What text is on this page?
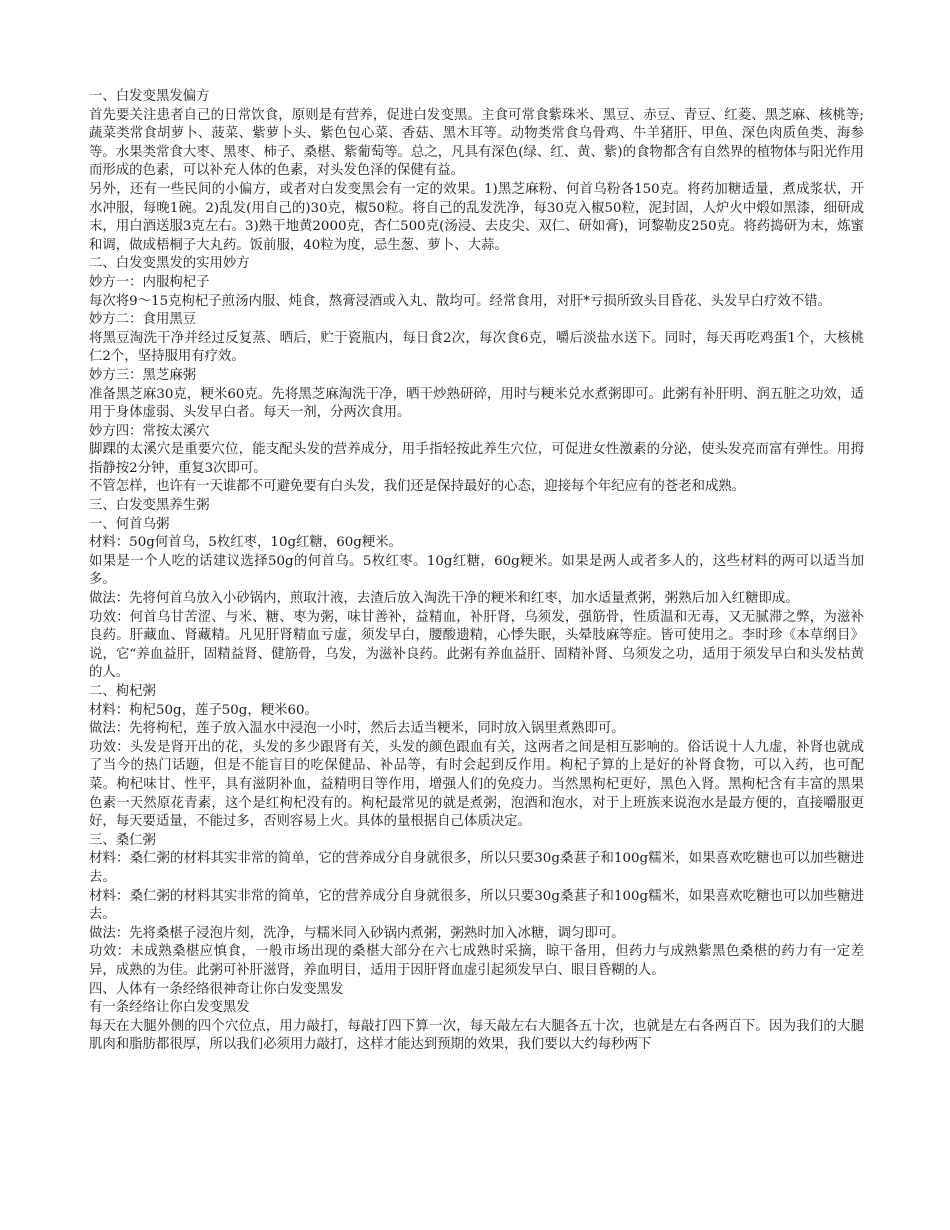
一、白发变黑发偏方

首先要关注患者自己的日常饮食，原则是有营养，促进白发变黑。主食可常食紫珠米、黑豆、赤豆、青豆、红菱、黑芝麻、核桃等;蔬菜类常食胡萝卜、菠菜、紫萝卜头、紫色包心菜、香菇、黑木耳等。动物类常食乌骨鸡、牛羊猪肝、甲鱼、深色肉质鱼类、海参等。水果类常食大枣、黑枣、柿子、桑椹、紫葡萄等。总之，凡具有深色(绿、红、黄、紫)的食物都含有自然界的植物体与阳光作用而形成的色素，可以补充人体的色素，对头发色泽的保健有益。

另外，还有一些民间的小偏方，或者对白发变黑会有一定的效果。1)黑芝麻粉、何首乌粉各150克。将药加糖适量，煮成浆状，开水冲服，每晚1碗。2)乱发(用自己的)30克，椒50粒。将自己的乱发洗净，每30克入椒50粒，泥封固，人炉火中煅如黑漆，细研成末，用白酒送服3克左右。3)熟干地黄2000克，杏仁500克(汤浸、去皮尖、双仁、研如膏)，诃黎勒皮250克。将药捣研为末，炼蜜和调，做成梧桐子大丸药。饭前服，40粒为度，忌生葱、萝卜、大蒜。

二、白发变黑发的实用妙方

妙方一：内服枸杞子

每次将9～15克枸杞子煎汤内服、炖食，熬膏浸酒或入丸、散均可。经常食用，对肝*亏损所致头目昏花、头发早白疗效不错。

妙方二：食用黑豆

将黑豆淘洗干净并经过反复蒸、晒后，贮于瓷瓶内，每日食2次，每次食6克，嚼后淡盐水送下。同时，每天再吃鸡蛋1个，大核桃仁2个，坚持服用有疗效。

妙方三：黑芝麻粥

准备黑芝麻30克，粳米60克。先将黑芝麻淘洗干净，晒干炒熟研碎，用时与粳米兑水煮粥即可。此粥有补肝明、润五脏之功效，适用于身体虚弱、头发早白者。每天一剂，分两次食用。

妙方四：常按太溪穴

脚踝的太溪穴是重要穴位，能支配头发的营养成分，用手指轻按此养生穴位，可促进女性激素的分泌，使头发亮而富有弹性。用拇指静按2分钟，重复3次即可。

不管怎样，也许有一天谁都不可避免要有白头发，我们还是保持最好的心态，迎接每个年纪应有的苍老和成熟。

三、白发变黑养生粥

一、何首乌粥

材料：50g何首乌，5枚红枣，10g红糖，60g粳米。

如果是一个人吃的话建议选择50g的何首乌。5枚红枣。10g红糖，60g粳米。如果是两人或者多人的，这些材料的两可以适当加多。

做法：先将何首乌放入小砂锅内，煎取汁液，去渣后放入淘洗干净的粳米和红枣，加水适量煮粥，粥熟后加入红糖即成。

功效：何首乌甘苦涩、与米、糖、枣为粥，味甘善补，益精血，补肝肾，乌须发，强筋骨，性质温和无毒，又无腻滞之弊，为滋补良药。肝藏血、肾藏精。凡见肝肾精血亏虚，须发早白，腰酸遗精，心悸失眠，头晕肢麻等症。皆可使用之。李时珍《本草纲目》说，它“养血益肝，固精益肾、健筋骨，乌发，为滋补良药。此粥有养血益肝、固精补肾、乌须发之功，适用于须发早白和头发枯黄的人。

二、枸杞粥

材料：枸杞50g，莲子50g，粳米60。

做法：先将枸杞，莲子放入温水中浸泡一小时，然后去适当粳米，同时放入锅里煮熟即可。

功效：头发是肾开出的花，头发的多少跟肾有关，头发的颜色跟血有关，这两者之间是相互影响的。俗话说十人九虚，补肾也就成了当今的热门话题，但是不能盲目的吃保健品、补品等，有时会起到反作用。枸杞子算的上是好的补肾食物，可以入药，也可配菜。枸杞味甘、性平，具有滋阴补血，益精明目等作用，增强人们的免疫力。当然黑枸杞更好，黑色入肾。黑枸杞含有丰富的黑果色素一天然原花青素，这个是红枸杞没有的。枸杞最常见的就是煮粥，泡酒和泡水，对于上班族来说泡水是最方便的，直接嚼服更好，每天要适量，不能过多，否则容易上火。具体的量根据自己体质决定。

三、桑仁粥

材料：桑仁粥的材料其实非常的简单，它的营养成分自身就很多，所以只要30g桑葚子和100g糯米，如果喜欢吃糖也可以加些糖进去。

材料：桑仁粥的材料其实非常的简单，它的营养成分自身就很多，所以只要30g桑葚子和100g糯米，如果喜欢吃糖也可以加些糖进去。

做法：先将桑椹子浸泡片刻，洗净，与糯米同入砂锅内煮粥，粥熟时加入冰糖，调匀即可。

功效：未成熟桑椹应慎食，一般市场出现的桑椹大部分在六七成熟时采摘，晾干备用，但药力与成熟紫黑色桑椹的药力有一定差异，成熟的为佳。此粥可补肝滋肾，养血明目，适用于因肝肾血虚引起须发早白、眼目昏糊的人。

四、人体有一条经络很神奇让你白发变黑发

有一条经络让你白发变黑发

每天在大腿外侧的四个穴位点，用力敲打，每敲打四下算一次，每天敲左右大腿各五十次，也就是左右各两百下。因为我们的大腿肌肉和脂肪都很厚，所以我们必须用力敲打，这样才能达到预期的效果，我们要以大约每秒两下
